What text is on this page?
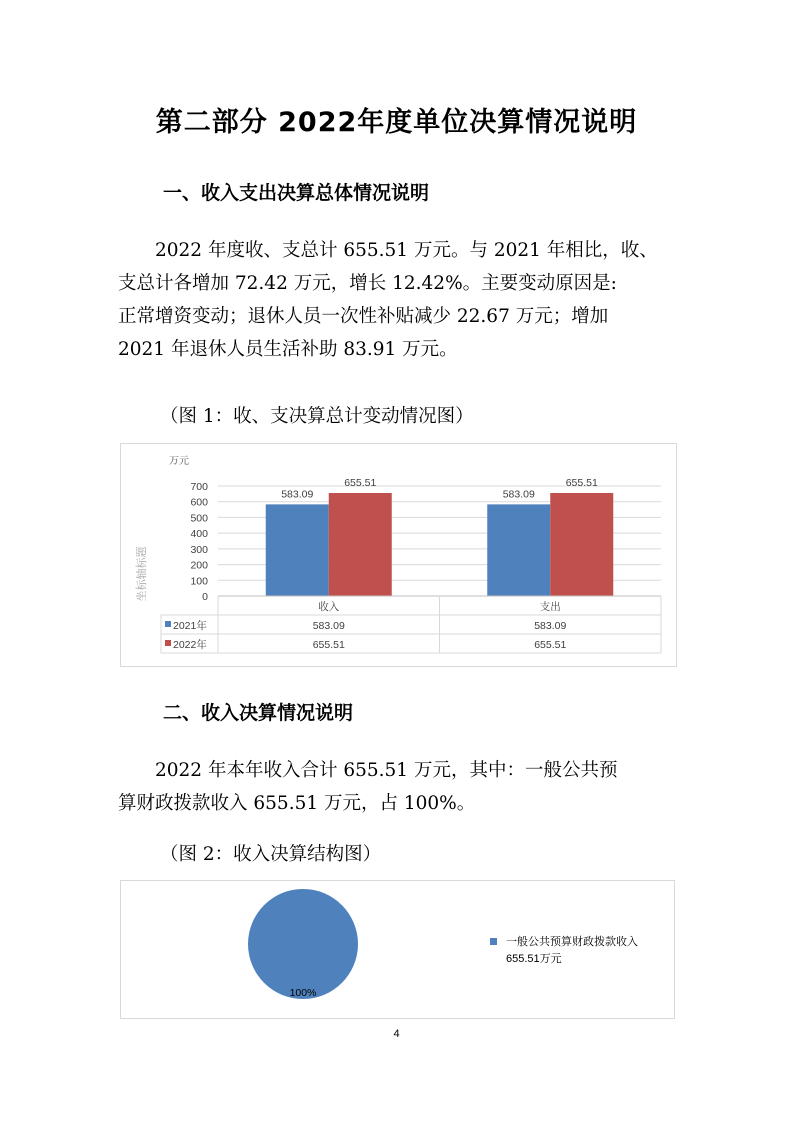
第二部分 2022年度单位决算情况说明
一、收入支出决算总体情况说明
2022 年度收、支总计 655.51 万元。与 2021 年相比，收、
支总计各增加 72.42 万元，增长 12.42%。主要变动原因是:
正常增资变动；退休人员一次性补贴减少 22.67 万元；增加
2021 年退休人员生活补助 83.91 万元。
（图 1：收、支决算总计变动情况图）
万元
坐标轴标题	0
100
200
300
400
500
600
700
583.09
655.51
583.09
655.51
收入	支出
2021年	583.09	583.09
2022年	655.51	655.51
二、收入决算情况说明
2022 年本年收入合计 655.51 万元，其中：一般公共预
算财政拨款收入 655.51 万元，占 100%。
（图 2：收入决算结构图）
100%
一般公共预算财政拨款收入
655.51万元
4
